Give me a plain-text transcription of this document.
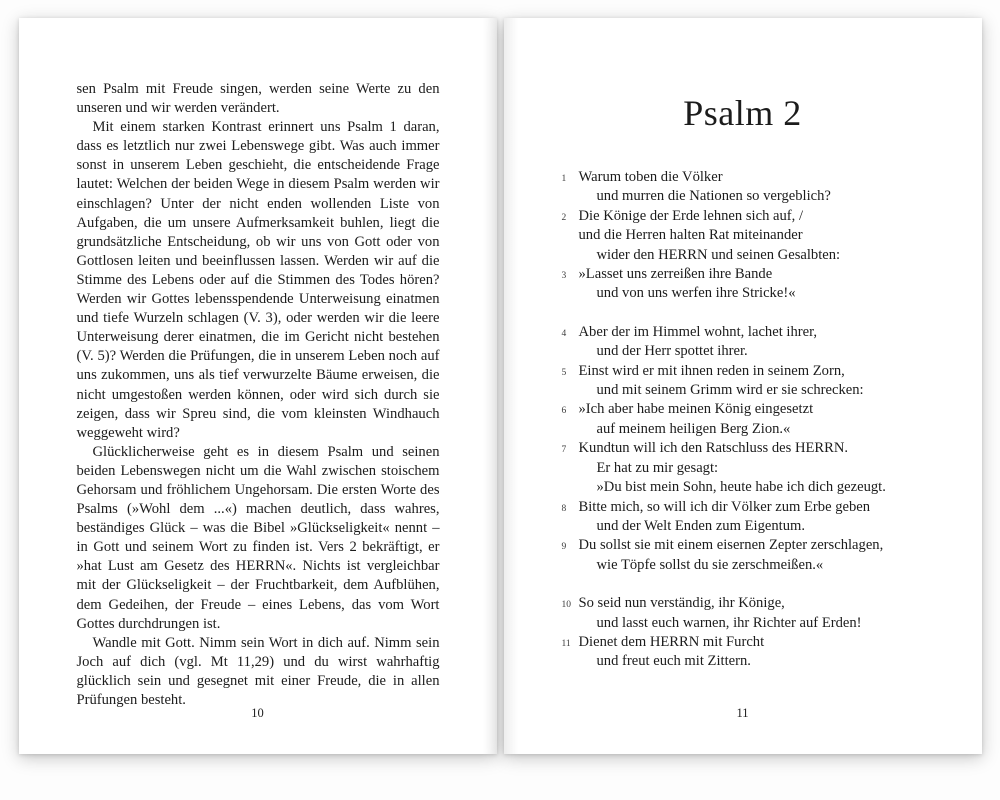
sen Psalm mit Freude singen, werden seine Werte zu den unseren und wir werden verändert.

Mit einem starken Kontrast erinnert uns Psalm 1 daran, dass es letztlich nur zwei Lebenswege gibt. Was auch immer sonst in unserem Leben geschieht, die entscheidende Frage lautet: Welchen der beiden Wege in diesem Psalm werden wir einschlagen? Unter der nicht enden wollenden Liste von Aufgaben, die um unsere Aufmerksamkeit buhlen, liegt die grundsätzliche Entscheidung, ob wir uns von Gott oder von Gottlosen leiten und beeinflussen lassen. Werden wir auf die Stimme des Lebens oder auf die Stimmen des Todes hören? Werden wir Gottes lebensspendende Unterweisung einatmen und tiefe Wurzeln schlagen (V. 3), oder werden wir die leere Unterweisung derer einatmen, die im Gericht nicht bestehen (V. 5)? Werden die Prüfungen, die in unserem Leben noch auf uns zukommen, uns als tief verwurzelte Bäume erweisen, die nicht umgestoßen werden können, oder wird sich durch sie zeigen, dass wir Spreu sind, die vom kleinsten Windhauch weggeweht wird?

Glücklicherweise geht es in diesem Psalm und seinen beiden Lebenswegen nicht um die Wahl zwischen stoischem Gehorsam und fröhlichem Ungehorsam. Die ersten Worte des Psalms (»Wohl dem ...«) machen deutlich, dass wahres, beständiges Glück – was die Bibel »Glückseligkeit« nennt – in Gott und seinem Wort zu finden ist. Vers 2 bekräftigt, er »hat Lust am Gesetz des HERRN«. Nichts ist vergleichbar mit der Glückseligkeit – der Fruchtbarkeit, dem Aufblühen, dem Gedeihen, der Freude – eines Lebens, das vom Wort Gottes durchdrungen ist.

Wandle mit Gott. Nimm sein Wort in dich auf. Nimm sein Joch auf dich (vgl. Mt 11,29) und du wirst wahrhaftig glücklich sein und gesegnet mit einer Freude, die in allen Prüfungen besteht.

10
Psalm 2
1 Warum toben die Völker
und murren die Nationen so vergeblich?
2 Die Könige der Erde lehnen sich auf, /
und die Herren halten Rat miteinander
wider den HERRN und seinen Gesalbten:
3 »Lasset uns zerreißen ihre Bande
und von uns werfen ihre Stricke!«
4 Aber der im Himmel wohnt, lachet ihrer,
und der Herr spottet ihrer.
5 Einst wird er mit ihnen reden in seinem Zorn,
und mit seinem Grimm wird er sie schrecken:
6 »Ich aber habe meinen König eingesetzt
auf meinem heiligen Berg Zion.«
7 Kundtun will ich den Ratschluss des HERRN.
Er hat zu mir gesagt:
»Du bist mein Sohn, heute habe ich dich gezeugt.
8 Bitte mich, so will ich dir Völker zum Erbe geben
und der Welt Enden zum Eigentum.
9 Du sollst sie mit einem eisernen Zepter zerschlagen,
wie Töpfe sollst du sie zerschmeißen.«
10 So seid nun verständig, ihr Könige,
und lasst euch warnen, ihr Richter auf Erden!
11 Dienet dem HERRN mit Furcht
und freut euch mit Zittern.
11
